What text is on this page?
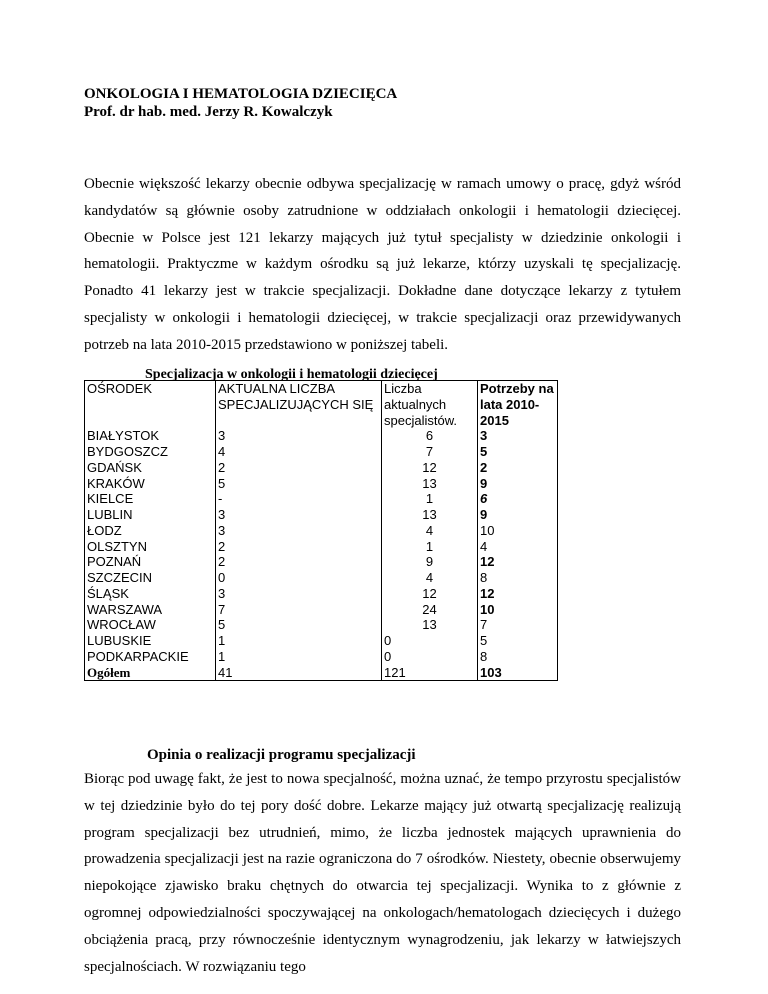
ONKOLOGIA I HEMATOLOGIA DZIECIĘCA
Prof. dr hab. med. Jerzy R. Kowalczyk
Obecnie większość lekarzy obecnie odbywa specjalizację w ramach umowy o pracę, gdyż wśród kandydatów są głównie osoby zatrudnione w oddziałach onkologii i hematologii dziecięcej. Obecnie w Polsce jest 121 lekarzy mających już tytuł specjalisty w dziedzinie onkologii i hematologii. Praktyczme w każdym ośrodku są już lekarze, którzy uzyskali tę specjalizację. Ponadto 41 lekarzy jest w trakcie specjalizacji. Dokładne dane dotyczące lekarzy z tytułem specjalisty w onkologii i hematologii dziecięcej, w trakcie specjalizacji oraz przewidywanych potrzeb na lata 2010-2015 przedstawiono w poniższej tabeli.
Specjalizacja w onkologii i hematologii dziecięcej
OŚRODEK	AKTUALNA LICZBA SPECJALIZUJĄCYCH SIĘ	Liczba aktualnych specjalistów.	Potrzeby na lata 2010-2015
BIAŁYSTOK	3	6	3
BYDGOSZCZ	4	7	5
GDAŃSK	2	12	2
KRAKÓW	5	13	9
KIELCE	-	1	6
LUBLIN	3	13	9
ŁODZ	3	4	10
OLSZTYN	2	1	4
POZNAŃ	2	9	12
SZCZECIN	0	4	8
ŚLĄSK	3	12	12
WARSZAWA	7	24	10
WROCŁAW	5	13	7
LUBUSKIE	1	0	5
PODKARPACKIE	1	0	8
Ogółem	41	121	103
Opinia o realizacji programu specjalizacji
Biorąc pod uwagę fakt, że jest to nowa specjalność, można uznać, że tempo przyrostu specjalistów w tej dziedzinie było do tej pory dość dobre. Lekarze mający już otwartą specjalizację realizują program specjalizacji bez utrudnień, mimo, że liczba jednostek mających uprawnienia do prowadzenia specjalizacji jest na razie ograniczona do 7 ośrodków. Niestety, obecnie obserwujemy niepokojące zjawisko braku chętnych do otwarcia tej specjalizacji. Wynika to z głównie z ogromnej odpowiedzialności spoczywającej na onkologach/hematologach dziecięcych i dużego obciążenia pracą, przy równocześnie identycznym wynagrodzeniu, jak lekarzy w łatwiejszych specjalnościach. W rozwiązaniu tego
